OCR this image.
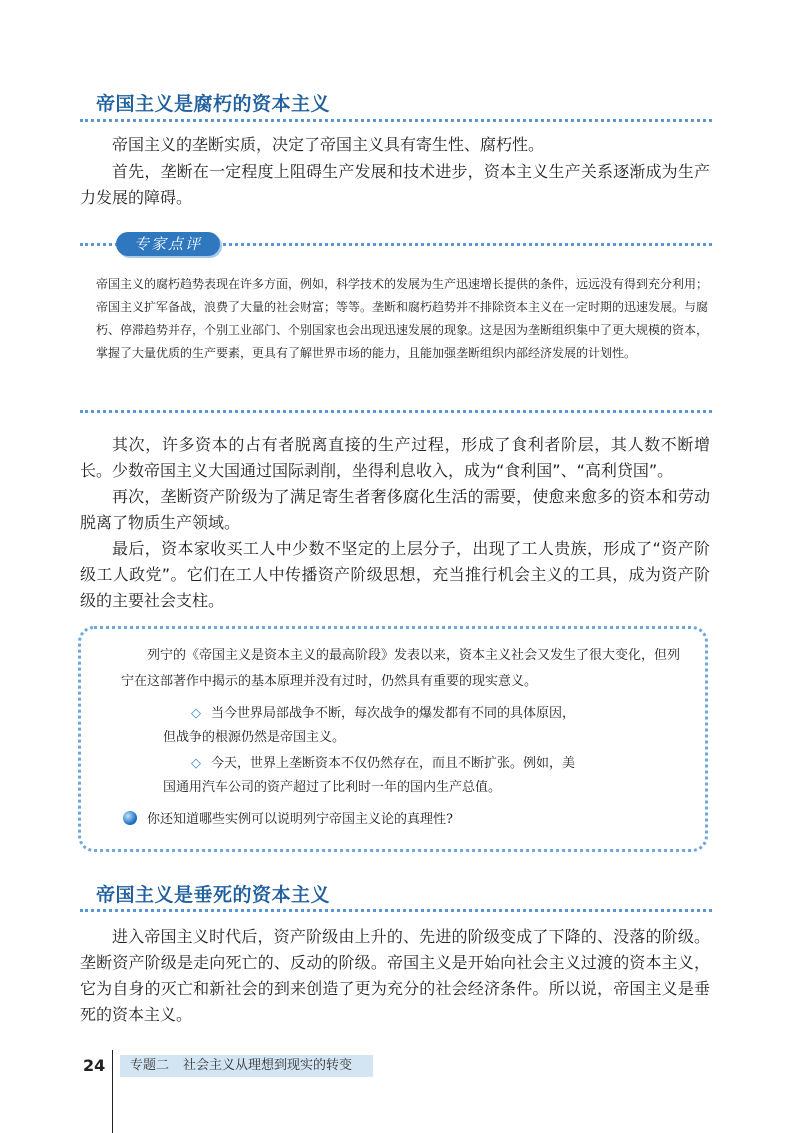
帝国主义是腐朽的资本主义

帝国主义的垄断实质，决定了帝国主义具有寄生性、腐朽性。

首先，垄断在一定程度上阻碍生产发展和技术进步，资本主义生产关系逐渐成为生产力发展的障碍。

专家点评

帝国主义的腐朽趋势表现在许多方面，例如，科学技术的发展为生产迅速增长提供的条件，远远没有得到充分利用；帝国主义扩军备战，浪费了大量的社会财富；等等。垄断和腐朽趋势并不排除资本主义在一定时期的迅速发展。与腐朽、停滞趋势并存，个别工业部门、个别国家也会出现迅速发展的现象。这是因为垄断组织集中了更大规模的资本，掌握了大量优质的生产要素，更具有了解世界市场的能力，且能加强垄断组织内部经济发展的计划性。

其次，许多资本的占有者脱离直接的生产过程，形成了食利者阶层，其人数不断增长。少数帝国主义大国通过国际剥削，坐得利息收入，成为“食利国”、“高利贷国”。

再次，垄断资产阶级为了满足寄生者奢侈腐化生活的需要，使愈来愈多的资本和劳动脱离了物质生产领域。

最后，资本家收买工人中少数不坚定的上层分子，出现了工人贵族，形成了“资产阶级工人政党”。它们在工人中传播资产阶级思想，充当推行机会主义的工具，成为资产阶级的主要社会支柱。

列宁的《帝国主义是资本主义的最高阶段》发表以来，资本主义社会又发生了很大变化，但列宁在这部著作中揭示的基本原理并没有过时，仍然具有重要的现实意义。

◇ 当今世界局部战争不断，每次战争的爆发都有不同的具体原因，

但战争的根源仍然是帝国主义。

◇ 今天，世界上垄断资本不仅仍然存在，而且不断扩张。例如，美

国通用汽车公司的资产超过了比利时一年的国内生产总值。

你还知道哪些实例可以说明列宁帝国主义论的真理性?

帝国主义是垂死的资本主义

进入帝国主义时代后，资产阶级由上升的、先进的阶级变成了下降的、没落的阶级。垄断资产阶级是走向死亡的、反动的阶级。帝国主义是开始向社会主义过渡的资本主义，它为自身的灭亡和新社会的到来创造了更为充分的社会经济条件。所以说，帝国主义是垂死的资本主义。

24	专题二 社会主义从理想到现实的转变
